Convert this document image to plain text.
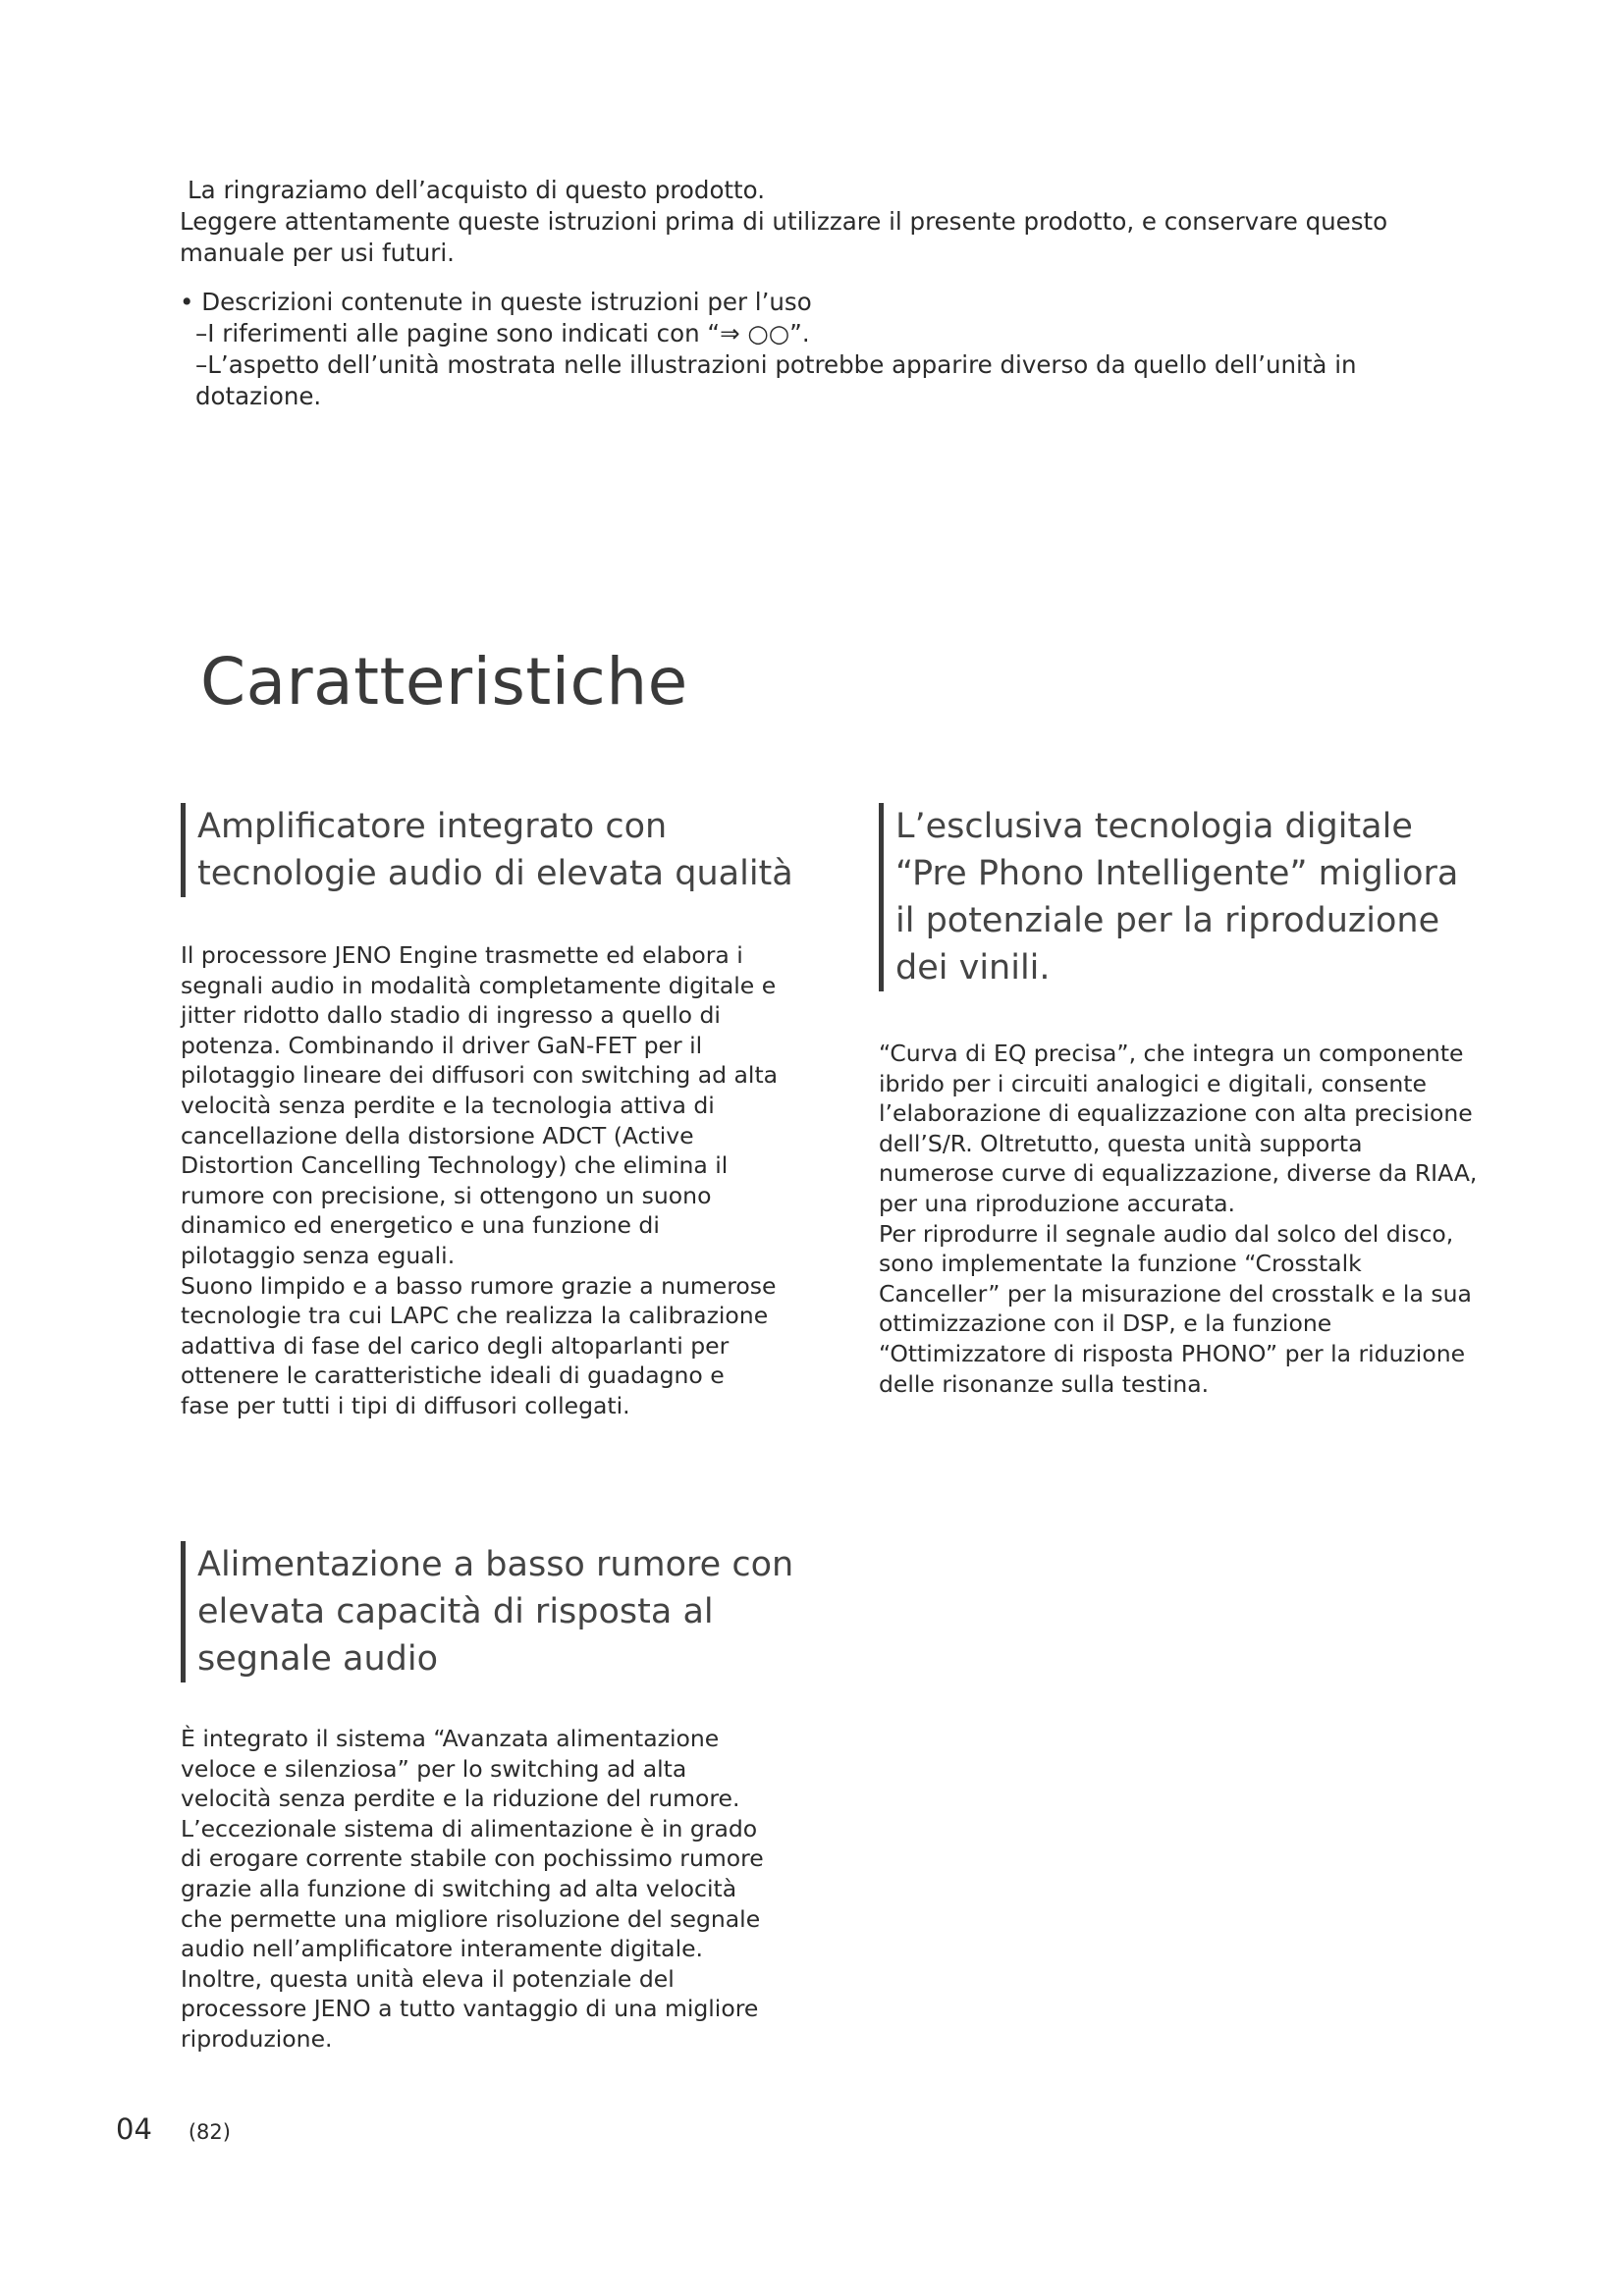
La ringraziamo dell’acquisto di questo prodotto.

Leggere attentamente queste istruzioni prima di utilizzare il presente prodotto, e conservare questo manuale per usi futuri.

• Descrizioni contenute in queste istruzioni per l’uso

–I riferimenti alle pagine sono indicati con “⇒ ○○”.

–L’aspetto dell’unità mostrata nelle illustrazioni potrebbe apparire diverso da quello dell’unità in dotazione.

Caratteristiche
Amplificatore integrato con tecnologie audio di elevata qualità

Il processore JENO Engine trasmette ed elabora i segnali audio in modalità completamente digitale e jitter ridotto dallo stadio di ingresso a quello di potenza. Combinando il driver GaN-FET per il pilotaggio lineare dei diffusori con switching ad alta velocità senza perdite e la tecnologia attiva di cancellazione della distorsione ADCT (Active Distortion Cancelling Technology) che elimina il rumore con precisione, si ottengono un suono dinamico ed energetico e una funzione di pilotaggio senza eguali.

Suono limpido e a basso rumore grazie a numerose tecnologie tra cui LAPC che realizza la calibrazione adattiva di fase del carico degli altoparlanti per ottenere le caratteristiche ideali di guadagno e fase per tutti i tipi di diffusori collegati.

L’esclusiva tecnologia digitale “Pre Phono Intelligente” migliora il potenziale per la riproduzione dei vinili.

“Curva di EQ precisa”, che integra un componente ibrido per i circuiti analogici e digitali, consente l’elaborazione di equalizzazione con alta precisione dell’S/R. Oltretutto, questa unità supporta numerose curve di equalizzazione, diverse da RIAA, per una riproduzione accurata.

Per riprodurre il segnale audio dal solco del disco, sono implementate la funzione “Crosstalk Canceller” per la misurazione del crosstalk e la sua ottimizzazione con il DSP, e la funzione “Ottimizzatore di risposta PHONO” per la riduzione delle risonanze sulla testina.

Alimentazione a basso rumore con elevata capacità di risposta al segnale audio

È integrato il sistema “Avanzata alimentazione veloce e silenziosa” per lo switching ad alta velocità senza perdite e la riduzione del rumore. L’eccezionale sistema di alimentazione è in grado di erogare corrente stabile con pochissimo rumore grazie alla funzione di switching ad alta velocità che permette una migliore risoluzione del segnale audio nell’amplificatore interamente digitale.

Inoltre, questa unità eleva il potenziale del processore JENO a tutto vantaggio di una migliore riproduzione.

04 (82)
